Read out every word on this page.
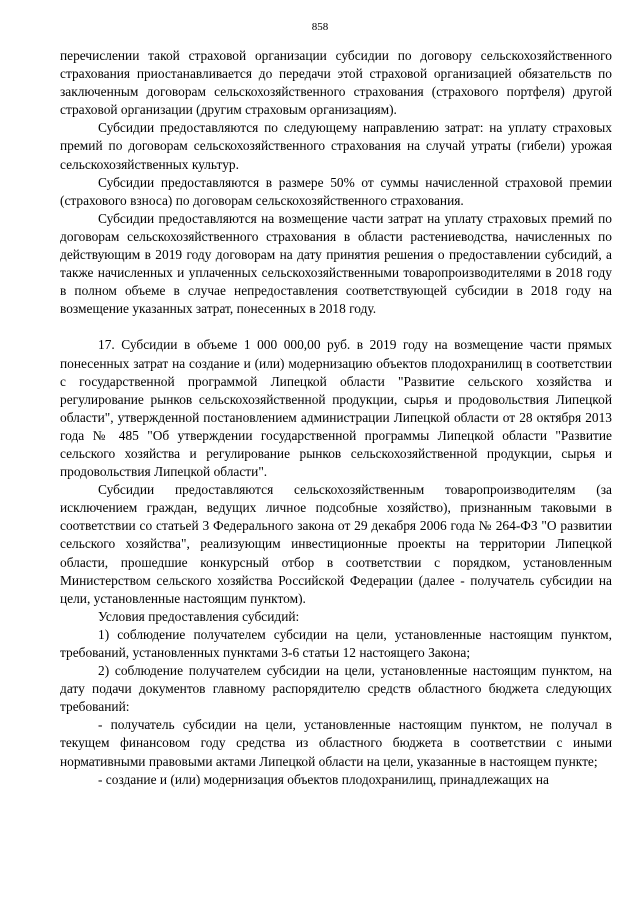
858

перечислении такой страховой организации субсидии по договору сельскохозяйственного страхования приостанавливается до передачи этой страховой организацией обязательств по заключенным договорам сельскохозяйственного страхования (страхового портфеля) другой страховой организации (другим страховым организациям).

Субсидии предоставляются по следующему направлению затрат: на уплату страховых премий по договорам сельскохозяйственного страхования на случай утраты (гибели) урожая сельскохозяйственных культур.

Субсидии предоставляются в размере 50% от суммы начисленной страховой премии (страхового взноса) по договорам сельскохозяйственного страхования.

Субсидии предоставляются на возмещение части затрат на уплату страховых премий по договорам сельскохозяйственного страхования в области растениеводства, начисленных по действующим в 2019 году договорам на дату принятия решения о предоставлении субсидий, а также начисленных и уплаченных сельскохозяйственными товаропроизводителями в 2018 году в полном объеме в случае непредоставления соответствующей субсидии в 2018 году на возмещение указанных затрат, понесенных в 2018 году.

17. Субсидии в объеме 1 000 000,00 руб. в 2019 году на возмещение части прямых понесенных затрат на создание и (или) модернизацию объектов плодохранилищ в соответствии с государственной программой Липецкой области "Развитие сельского хозяйства и регулирование рынков сельскохозяйственной продукции, сырья и продовольствия Липецкой области", утвержденной постановлением администрации Липецкой области от 28 октября 2013 года № 485 "Об утверждении государственной программы Липецкой области "Развитие сельского хозяйства и регулирование рынков сельскохозяйственной продукции, сырья и продовольствия Липецкой области".

Субсидии предоставляются сельскохозяйственным товаропроизводителям (за исключением граждан, ведущих личное подсобные хозяйство), признанным таковыми в соответствии со статьей 3 Федерального закона от 29 декабря 2006 года № 264-ФЗ "О развитии сельского хозяйства", реализующим инвестиционные проекты на территории Липецкой области, прошедшие конкурсный отбор в соответствии с порядком, установленным Министерством сельского хозяйства Российской Федерации (далее - получатель субсидии на цели, установленные настоящим пунктом).

Условия предоставления субсидий:

1) соблюдение получателем субсидии на цели, установленные настоящим пунктом, требований, установленных пунктами 3-6 статьи 12 настоящего Закона;

2) соблюдение получателем субсидии на цели, установленные настоящим пунктом, на дату подачи документов главному распорядителю средств областного бюджета следующих требований:

- получатель субсидии на цели, установленные настоящим пунктом, не получал в текущем финансовом году средства из областного бюджета в соответствии с иными нормативными правовыми актами Липецкой области на цели, указанные в настоящем пункте;

- создание и (или) модернизация объектов плодохранилищ, принадлежащих на
